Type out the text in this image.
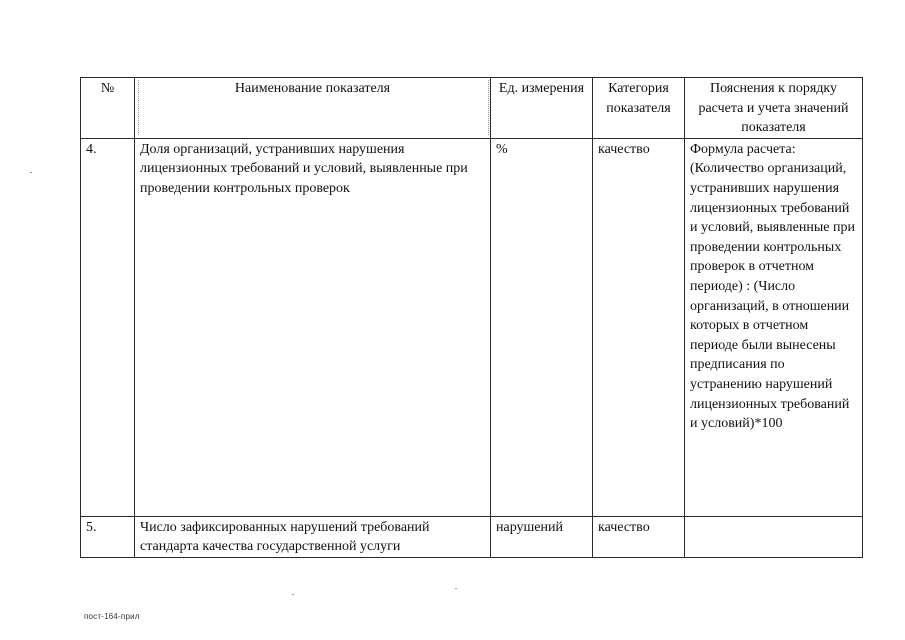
№	Наименование показателя	Ед. измерения	Категория показателя	Пояснения к порядку расчета и учета значений показателя
4.	Доля организаций, устранивших нарушения лицензионных требований и условий, выявленные при проведении контрольных проверок	%	качество	Формула расчета: (Количество организаций, устранивших нарушения лицензионных требований и условий, выявленные при проведении контрольных проверок в отчетном периоде) : (Число организаций, в отношении которых в отчетном периоде были вынесены предписания по устранению нарушений лицензионных требований и условий)*100
5.	Число зафиксированных нарушений требований стандарта качества государственной услуги	нарушений	качество	
пост-164-прил
